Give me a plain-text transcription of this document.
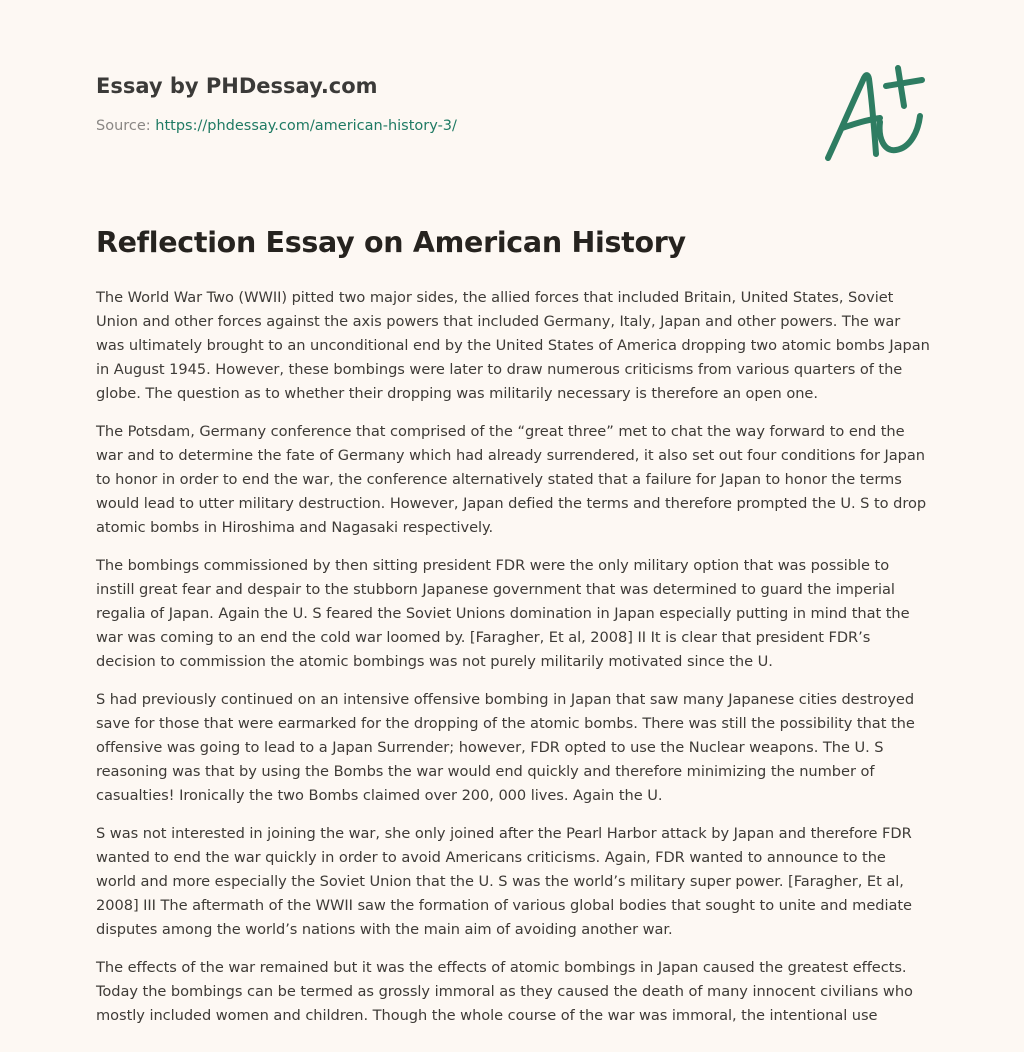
Essay by PHDessay.com
Source: https://phdessay.com/american-history-3/
Reflection Essay on American History

The World War Two (WWII) pitted two major sides, the allied forces that included Britain, United States, Soviet Union and other forces against the axis powers that included Germany, Italy, Japan and other powers. The war was ultimately brought to an unconditional end by the United States of America dropping two atomic bombs Japan in August 1945. However, these bombings were later to draw numerous criticisms from various quarters of the globe. The question as to whether their dropping was militarily necessary is therefore an open one.

The Potsdam, Germany conference that comprised of the “great three” met to chat the way forward to end the war and to determine the fate of Germany which had already surrendered, it also set out four conditions for Japan to honor in order to end the war, the conference alternatively stated that a failure for Japan to honor the terms would lead to utter military destruction. However, Japan defied the terms and therefore prompted the U. S to drop atomic bombs in Hiroshima and Nagasaki respectively.

The bombings commissioned by then sitting president FDR were the only military option that was possible to instill great fear and despair to the stubborn Japanese government that was determined to guard the imperial regalia of Japan. Again the U. S feared the Soviet Unions domination in Japan especially putting in mind that the war was coming to an end the cold war loomed by. [Faragher, Et al, 2008] II It is clear that president FDR’s decision to commission the atomic bombings was not purely militarily motivated since the U.

S had previously continued on an intensive offensive bombing in Japan that saw many Japanese cities destroyed save for those that were earmarked for the dropping of the atomic bombs. There was still the possibility that the offensive was going to lead to a Japan Surrender; however, FDR opted to use the Nuclear weapons. The U. S reasoning was that by using the Bombs the war would end quickly and therefore minimizing the number of casualties! Ironically the two Bombs claimed over 200, 000 lives. Again the U.

S was not interested in joining the war, she only joined after the Pearl Harbor attack by Japan and therefore FDR wanted to end the war quickly in order to avoid Americans criticisms. Again, FDR wanted to announce to the world and more especially the Soviet Union that the U. S was the world’s military super power. [Faragher, Et al, 2008] III The aftermath of the WWII saw the formation of various global bodies that sought to unite and mediate disputes among the world’s nations with the main aim of avoiding another war.

The effects of the war remained but it was the effects of atomic bombings in Japan caused the greatest effects. Today the bombings can be termed as grossly immoral as they caused the death of many innocent civilians who mostly included women and children. Though the whole course of the war was immoral, the intentional use
